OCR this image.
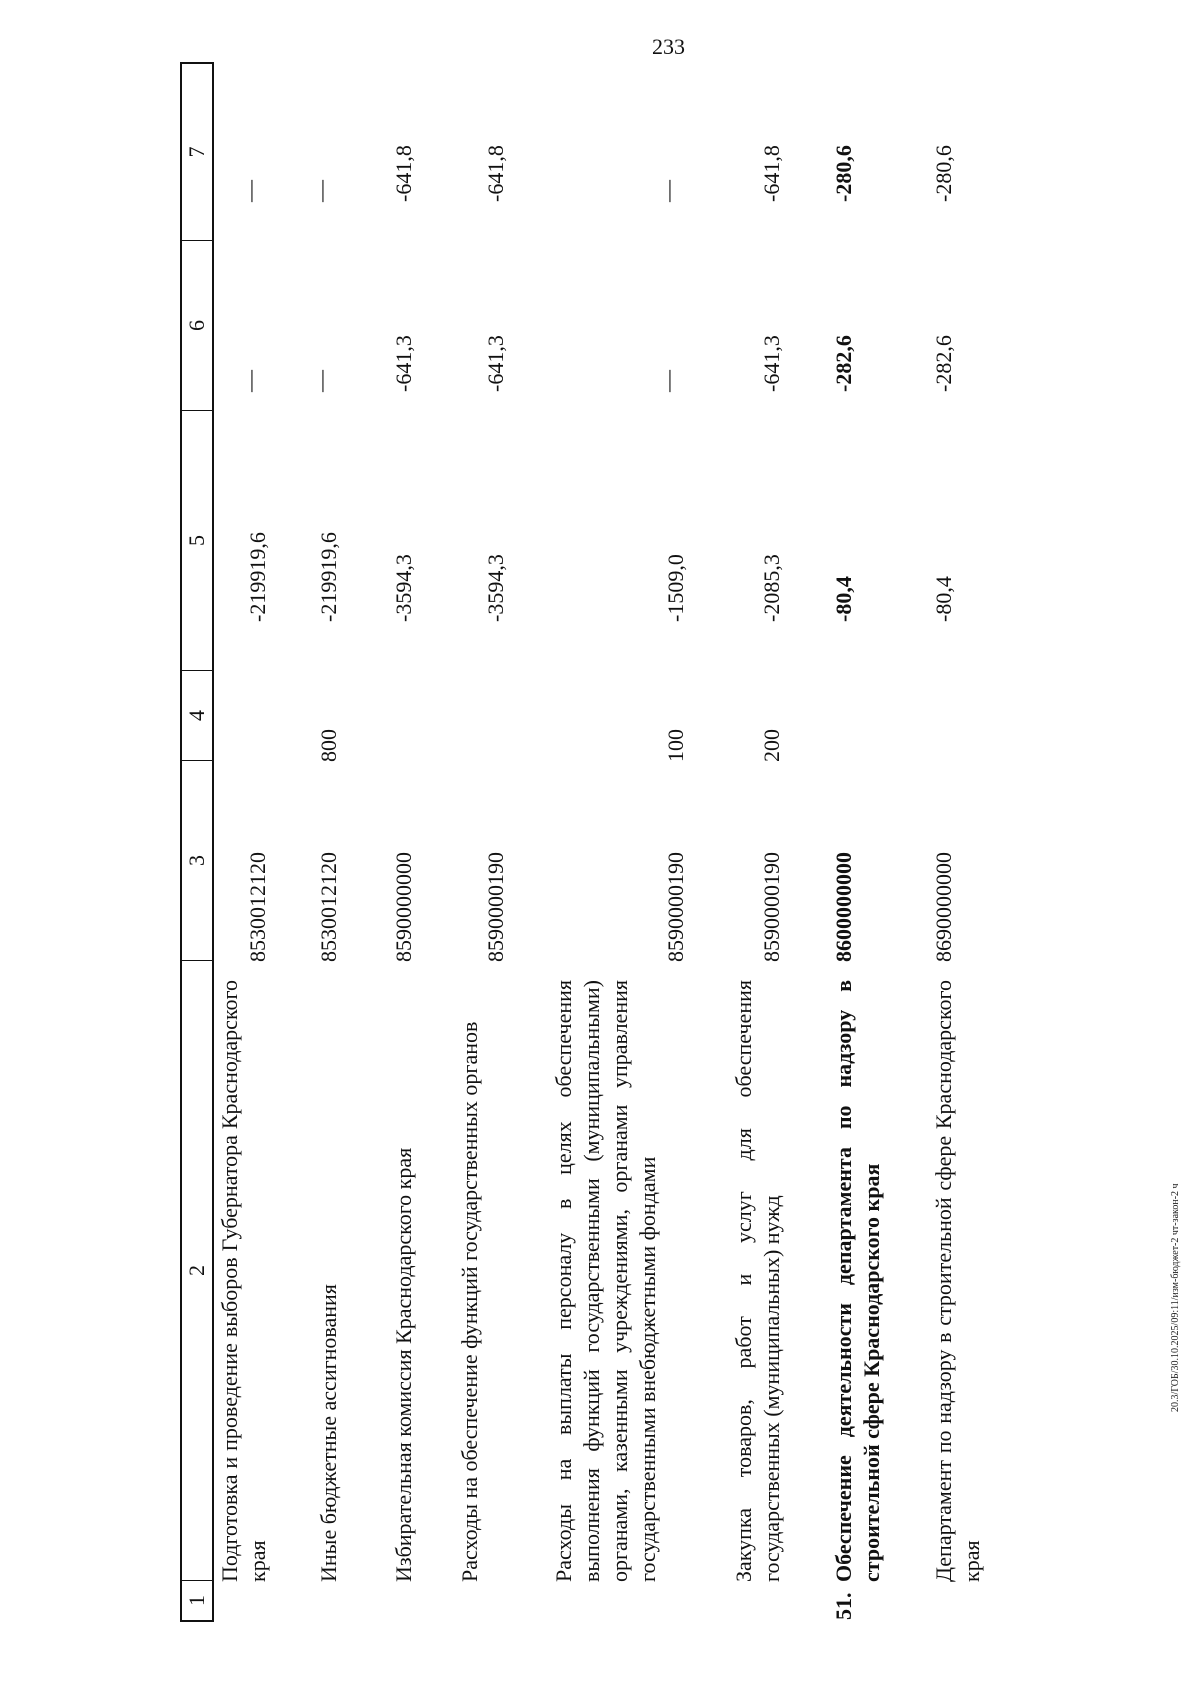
233
20.3/ГОБ/30.10.2025/09:11/изм-бюджет-2 чт-закон-2 ч
1
2
3
4
5
6
7
Подготовка и проведение выборов Губернатора Краснодарского края
8530012120
-219919,6
—
—
Иные бюджетные ассигнования
8530012120
800
-219919,6
—
—
Избирательная комиссия Краснодарского края
8590000000
-3594,3
-641,3
-641,8
Расходы на обеспечение функций государственных органов
8590000190
-3594,3
-641,3
-641,8
Расходы на выплаты персоналу в целях обеспечения выполнения функций государственными (муниципальными) органами, казенными учреждениями, органами управления государственными внебюджетными фондами
8590000190
100
-1509,0
—
—
Закупка товаров, работ и услуг для обеспечения государственных (муниципальных) нужд
8590000190
200
-2085,3
-641,3
-641,8
51.
Обеспечение деятельности департамента по надзору в строительной сфере Краснодарского края
8600000000
-80,4
-282,6
-280,6
Департамент по надзору в строительной сфере Краснодарского края
8690000000
-80,4
-282,6
-280,6
